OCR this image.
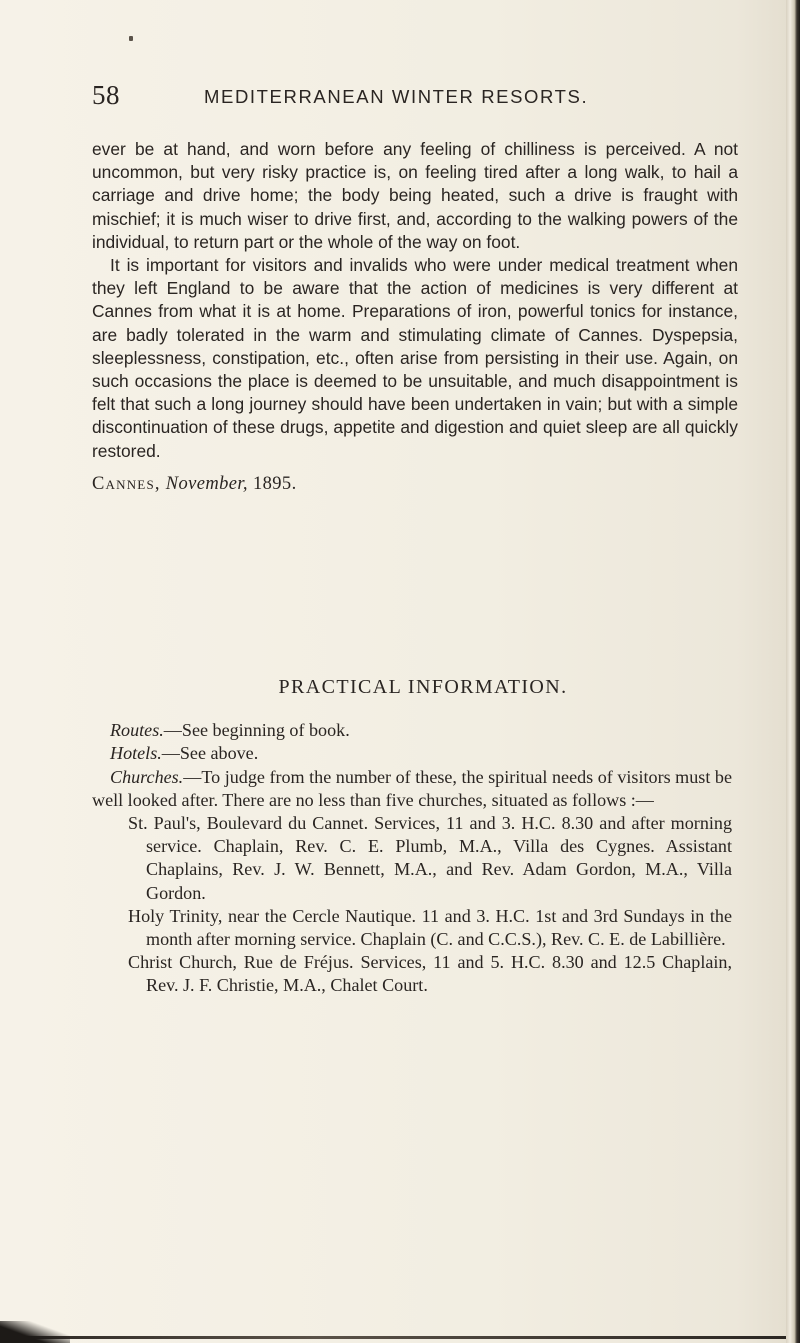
58	MEDITERRANEAN WINTER RESORTS.

ever be at hand, and worn before any feeling of chilliness is perceived. A not uncommon, but very risky practice is, on feeling tired after a long walk, to hail a carriage and drive home; the body being heated, such a drive is fraught with mischief; it is much wiser to drive first, and, according to the walking powers of the individual, to return part or the whole of the way on foot.

It is important for visitors and invalids who were under medical treatment when they left England to be aware that the action of medicines is very different at Cannes from what it is at home. Preparations of iron, powerful tonics for instance, are badly tolerated in the warm and stimulating climate of Cannes. Dyspepsia, sleeplessness, constipation, etc., often arise from persisting in their use. Again, on such occasions the place is deemed to be unsuitable, and much disappointment is felt that such a long journey should have been undertaken in vain; but with a simple discontinuation of these drugs, appetite and digestion and quiet sleep are all quickly restored.

Cannes, November, 1895.

PRACTICAL INFORMATION.

Routes.—See beginning of book.

Hotels.—See above.

Churches.—To judge from the number of these, the spiritual needs of visitors must be well looked after. There are no less than five churches, situated as follows :—

St. Paul's, Boulevard du Cannet. Services, 11 and 3. H.C. 8.30 and after morning service. Chaplain, Rev. C. E. Plumb, M.A., Villa des Cygnes. Assistant Chaplains, Rev. J. W. Bennett, M.A., and Rev. Adam Gordon, M.A., Villa Gordon.

Holy Trinity, near the Cercle Nautique. 11 and 3. H.C. 1st and 3rd Sundays in the month after morning service. Chaplain (C. and C.C.S.), Rev. C. E. de Labillière.

Christ Church, Rue de Fréjus. Services, 11 and 5. H.C. 8.30 and 12.5 Chaplain, Rev. J. F. Christie, M.A., Chalet Court.
